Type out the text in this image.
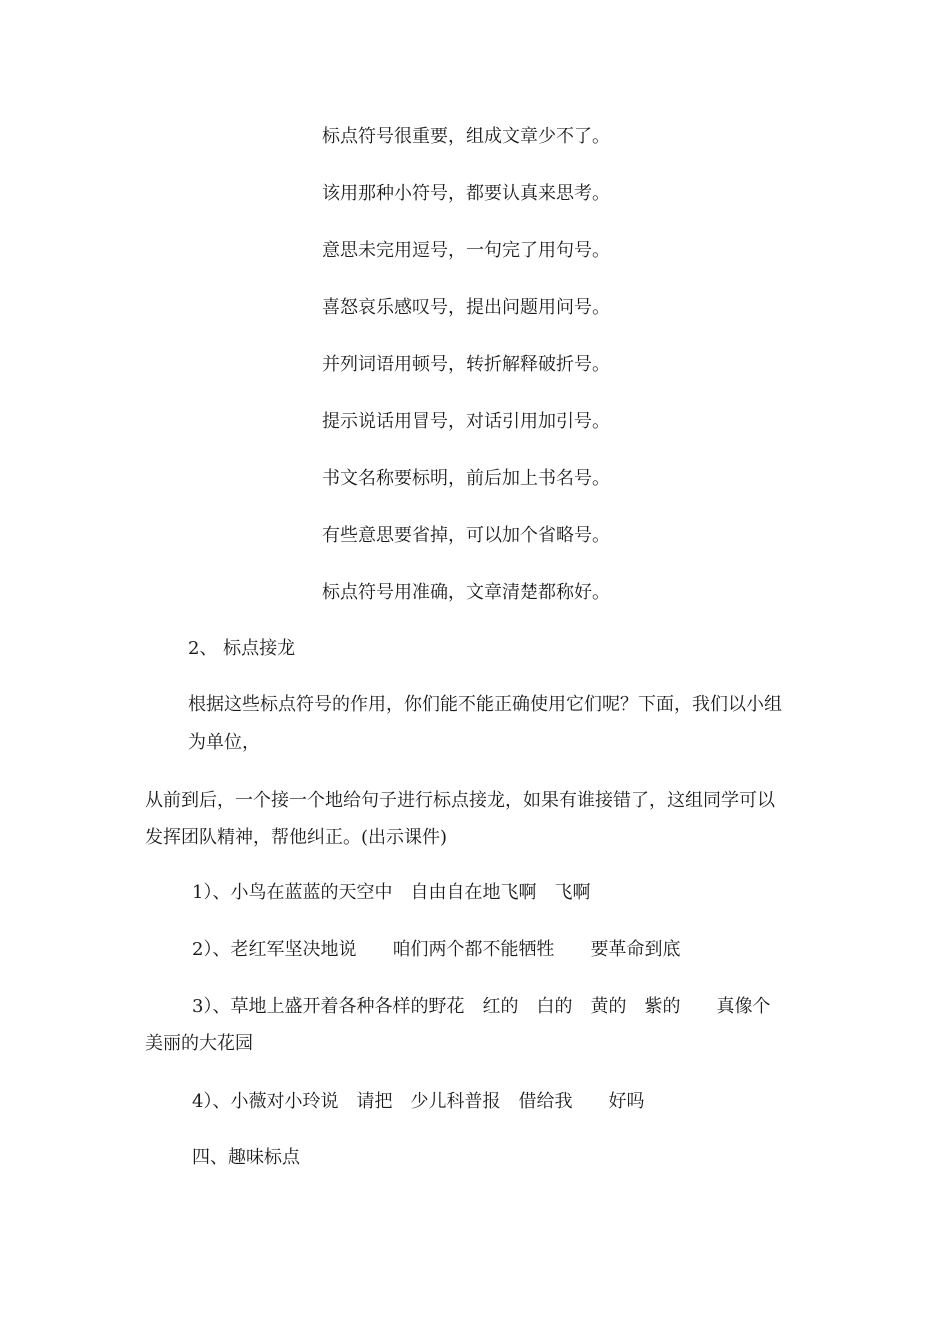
标点符号很重要，组成文章少不了。
该用那种小符号，都要认真来思考。
意思未完用逗号，一句完了用句号。
喜怒哀乐感叹号，提出问题用问号。
并列词语用顿号，转折解释破折号。
提示说话用冒号，对话引用加引号。
书文名称要标明，前后加上书名号。
有些意思要省掉，可以加个省略号。
标点符号用准确，文章清楚都称好。
2、 标点接龙
根据这些标点符号的作用，你们能不能正确使用它们呢？下面，我们以小组
为单位，
从前到后，一个接一个地给句子进行标点接龙，如果有谁接错了，这组同学可以
发挥团队精神，帮他纠正。(出示课件)
1）、小鸟在蓝蓝的天空中　自由自在地飞啊　飞啊
2）、老红军坚决地说　　咱们两个都不能牺牲　　要革命到底
3）、草地上盛开着各种各样的野花　红的　白的　黄的　紫的　　真像个
美丽的大花园
4）、小薇对小玲说　请把　少儿科普报　借给我　　好吗
四、趣味标点
